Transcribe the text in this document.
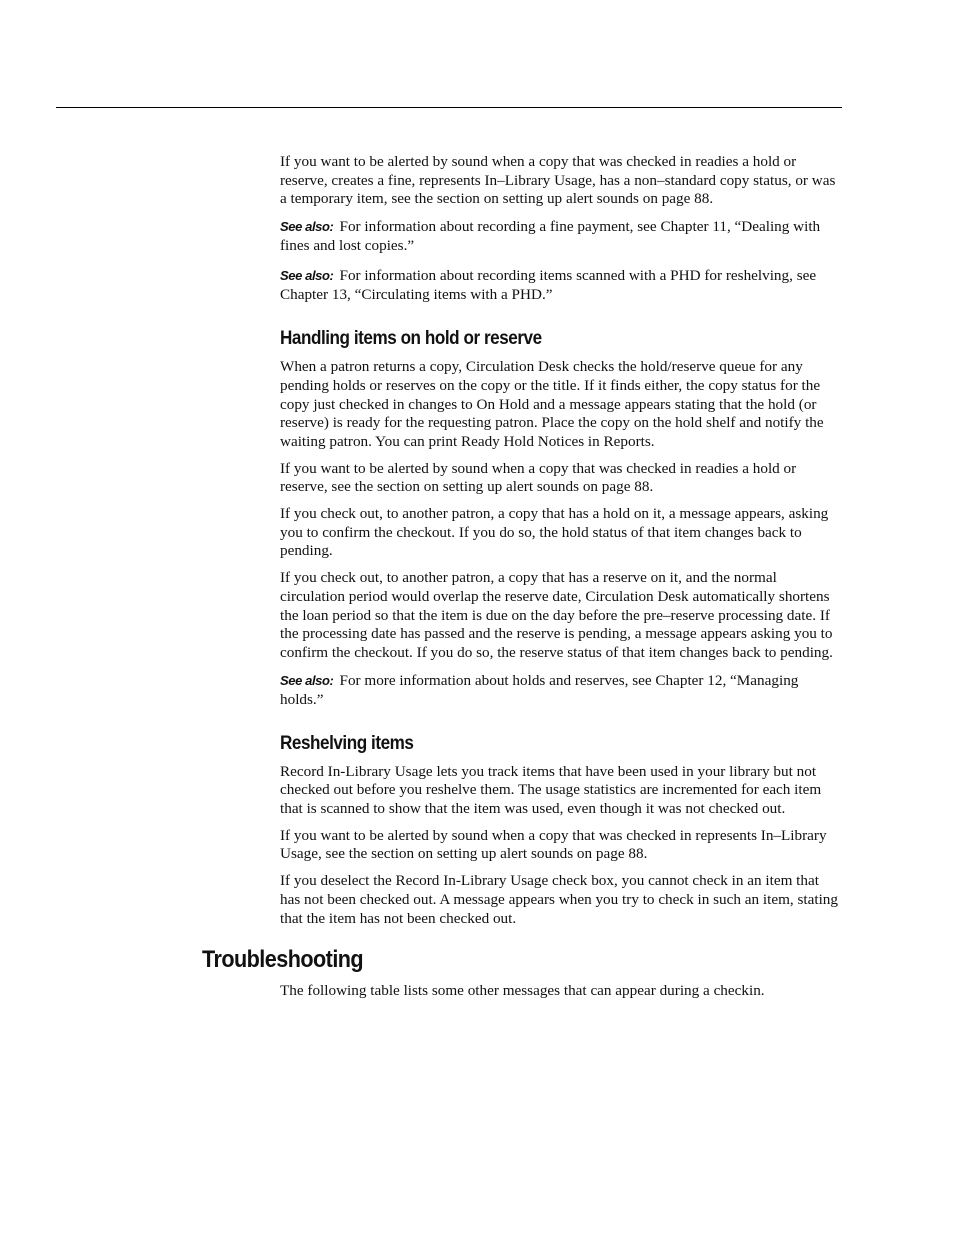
If you want to be alerted by sound when a copy that was checked in readies a hold or reserve, creates a fine, represents In–Library Usage, has a non–standard copy status, or was a temporary item, see the section on setting up alert sounds on page 88.

See also: For information about recording a fine payment, see Chapter 11, “Dealing with fines and lost copies.”

See also: For information about recording items scanned with a PHD for reshelving, see Chapter 13, “Circulating items with a PHD.”

Handling items on hold or reserve

When a patron returns a copy, Circulation Desk checks the hold/reserve queue for any pending holds or reserves on the copy or the title. If it finds either, the copy status for the copy just checked in changes to On Hold and a message appears stating that the hold (or reserve) is ready for the requesting patron. Place the copy on the hold shelf and notify the waiting patron. You can print Ready Hold Notices in Reports.

If you want to be alerted by sound when a copy that was checked in readies a hold or reserve, see the section on setting up alert sounds on page 88.

If you check out, to another patron, a copy that has a hold on it, a message appears, asking you to confirm the checkout. If you do so, the hold status of that item changes back to pending.

If you check out, to another patron, a copy that has a reserve on it, and the normal circulation period would overlap the reserve date, Circulation Desk automatically shortens the loan period so that the item is due on the day before the pre–reserve processing date. If the processing date has passed and the reserve is pending, a message appears asking you to confirm the checkout. If you do so, the reserve status of that item changes back to pending.

See also: For more information about holds and reserves, see Chapter 12, “Managing holds.”

Reshelving items

Record In-Library Usage lets you track items that have been used in your library but not checked out before you reshelve them. The usage statistics are incremented for each item that is scanned to show that the item was used, even though it was not checked out.

If you want to be alerted by sound when a copy that was checked in represents In–Library Usage, see the section on setting up alert sounds on page 88.

If you deselect the Record In-Library Usage check box, you cannot check in an item that has not been checked out. A message appears when you try to check in such an item, stating that the item has not been checked out.

Troubleshooting

The following table lists some other messages that can appear during a checkin.
